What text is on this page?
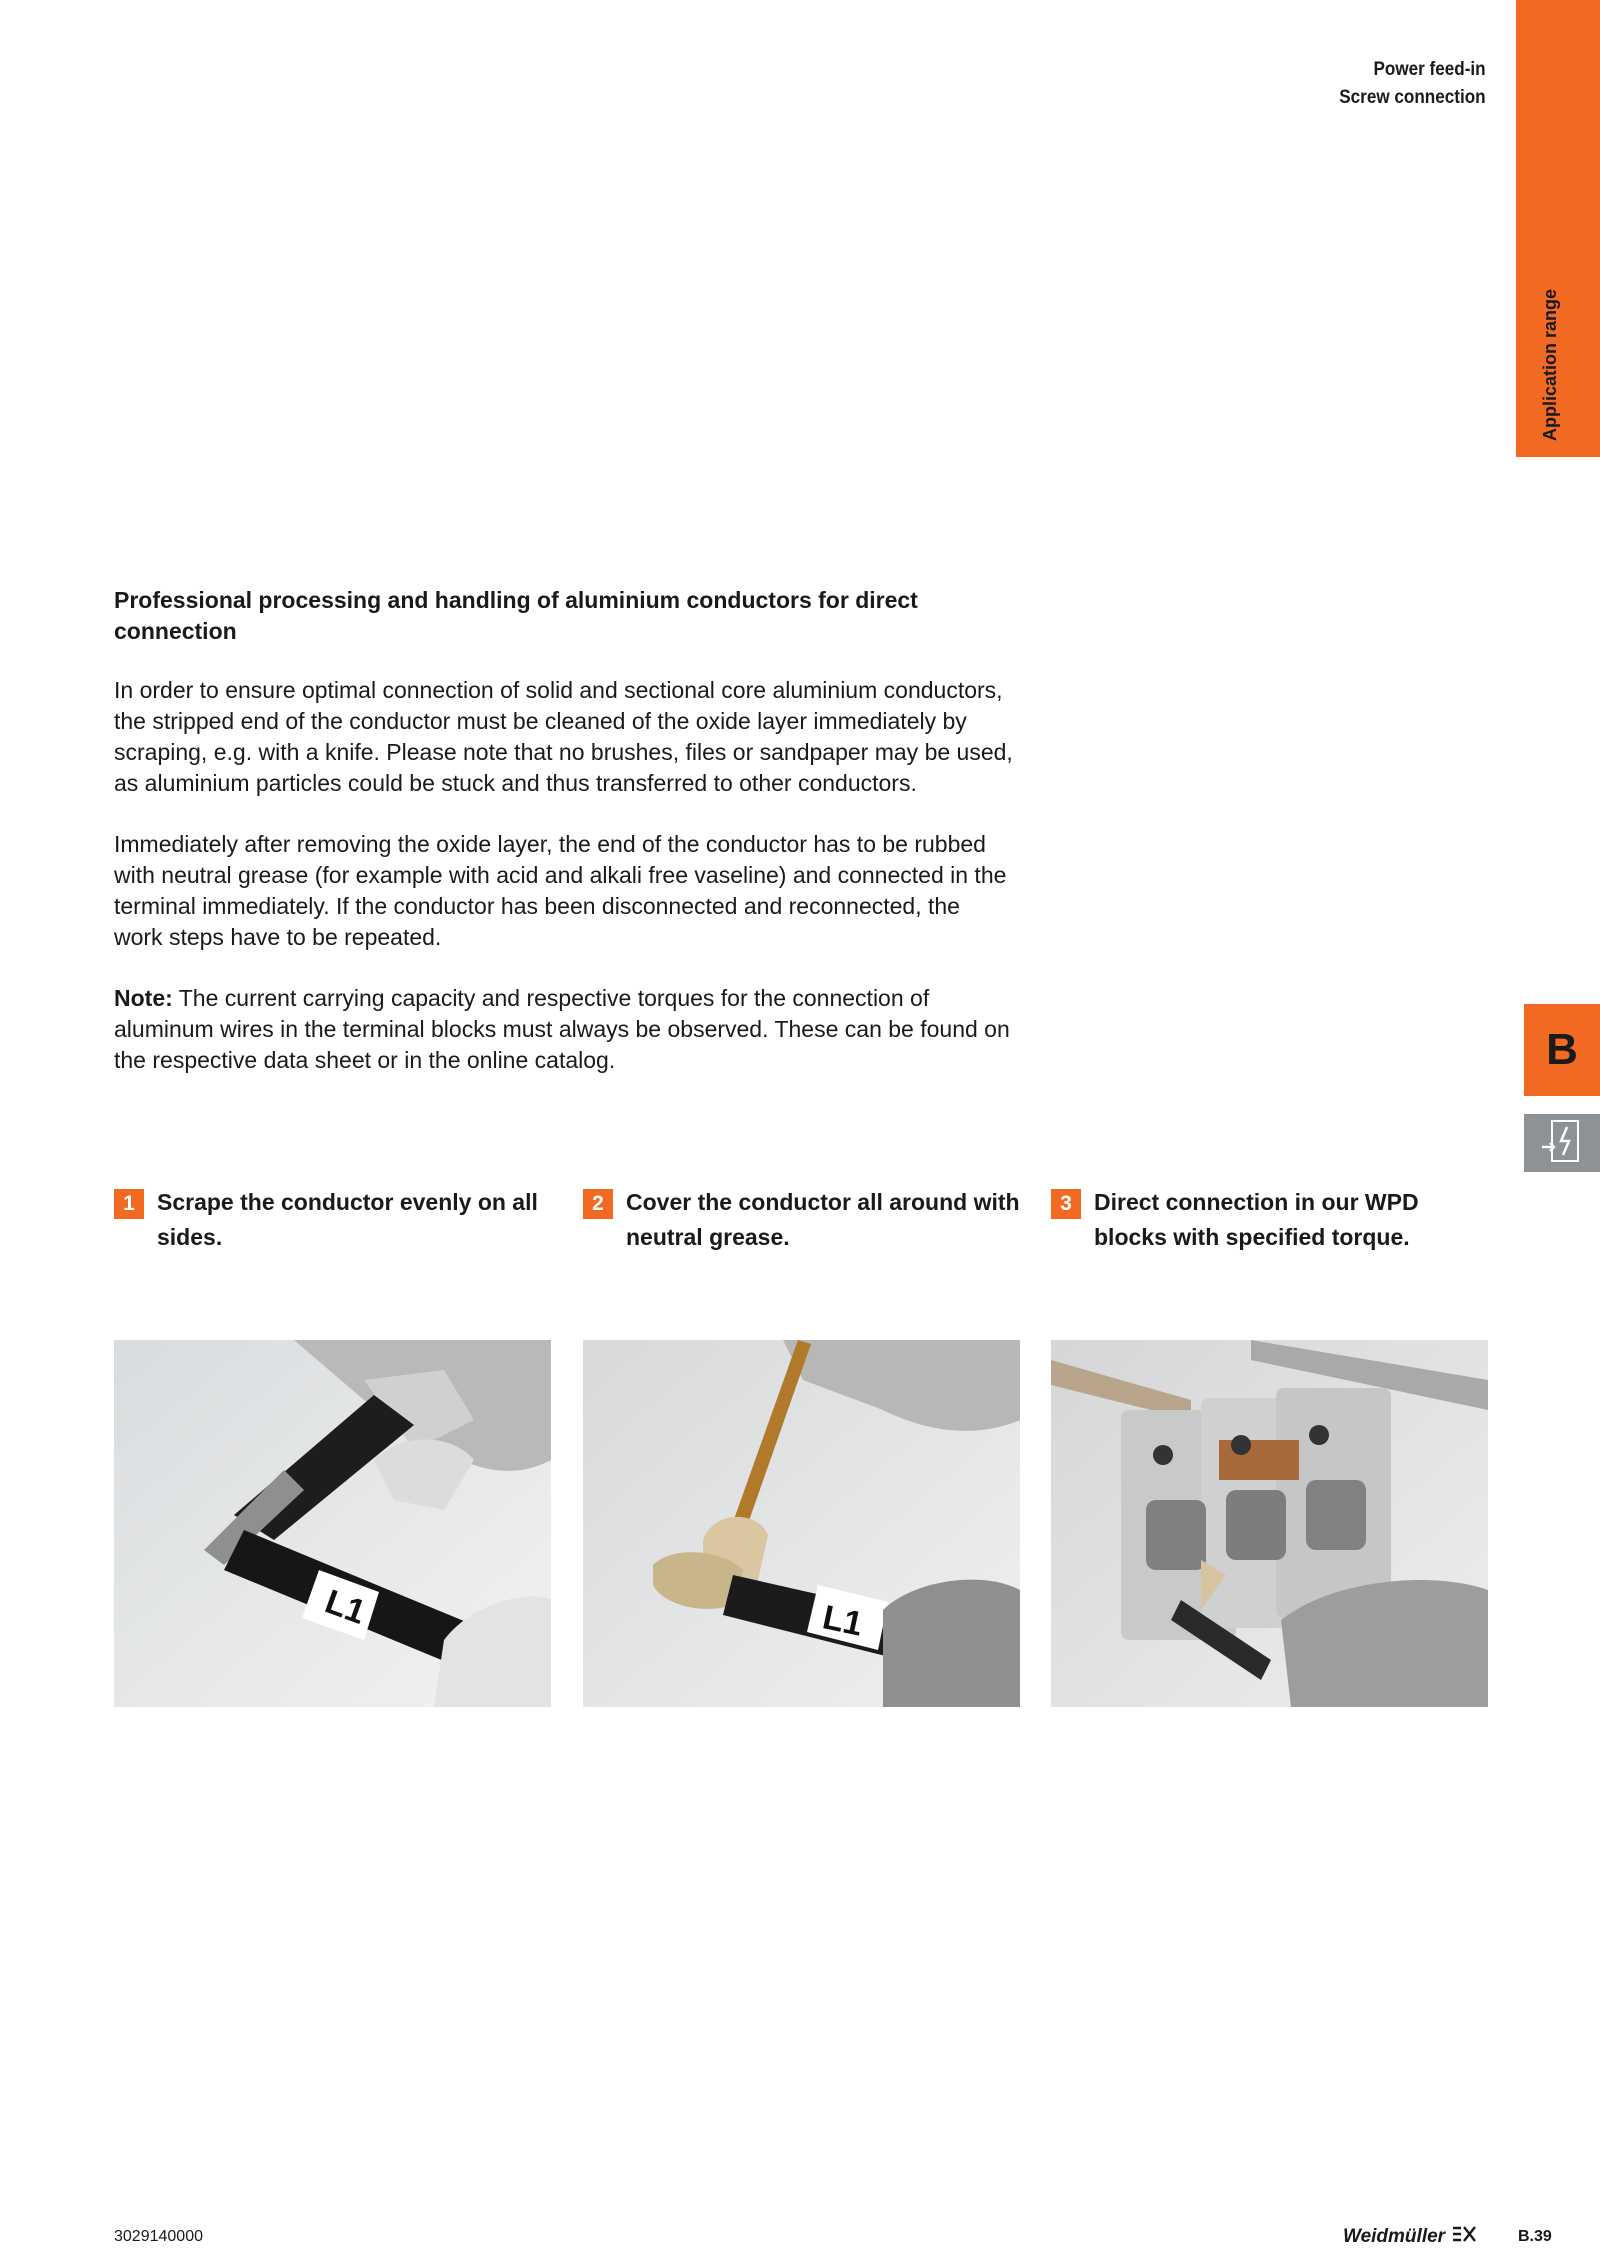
Power feed-in
Screw connection
Application range
B
Professional processing and handling of aluminium conductors for direct connection

In order to ensure optimal connection of solid and sectional core aluminium conductors, the stripped end of the conductor must be cleaned of the oxide layer immediately by scraping, e.g. with a knife. Please note that no brushes, files or sandpaper may be used, as aluminium particles could be stuck and thus transferred to other conductors.

Immediately after removing the oxide layer, the end of the conductor has to be rubbed with neutral grease (for example with acid and alkali free vaseline) and connected in the terminal immediately. If the conductor has been disconnected and reconnected, the work steps have to be repeated.

Note: The current carrying capacity and respective torques for the connection of aluminum wires in the terminal blocks must always be observed. These can be found on the respective data sheet or in the online catalog.

1 Scrape the conductor evenly on all sides.
2 Cover the conductor all around with neutral grease.
3 Direct connection in our WPD blocks with specified torque.
L1	L1
3029140000	Weidmüller	B.39
